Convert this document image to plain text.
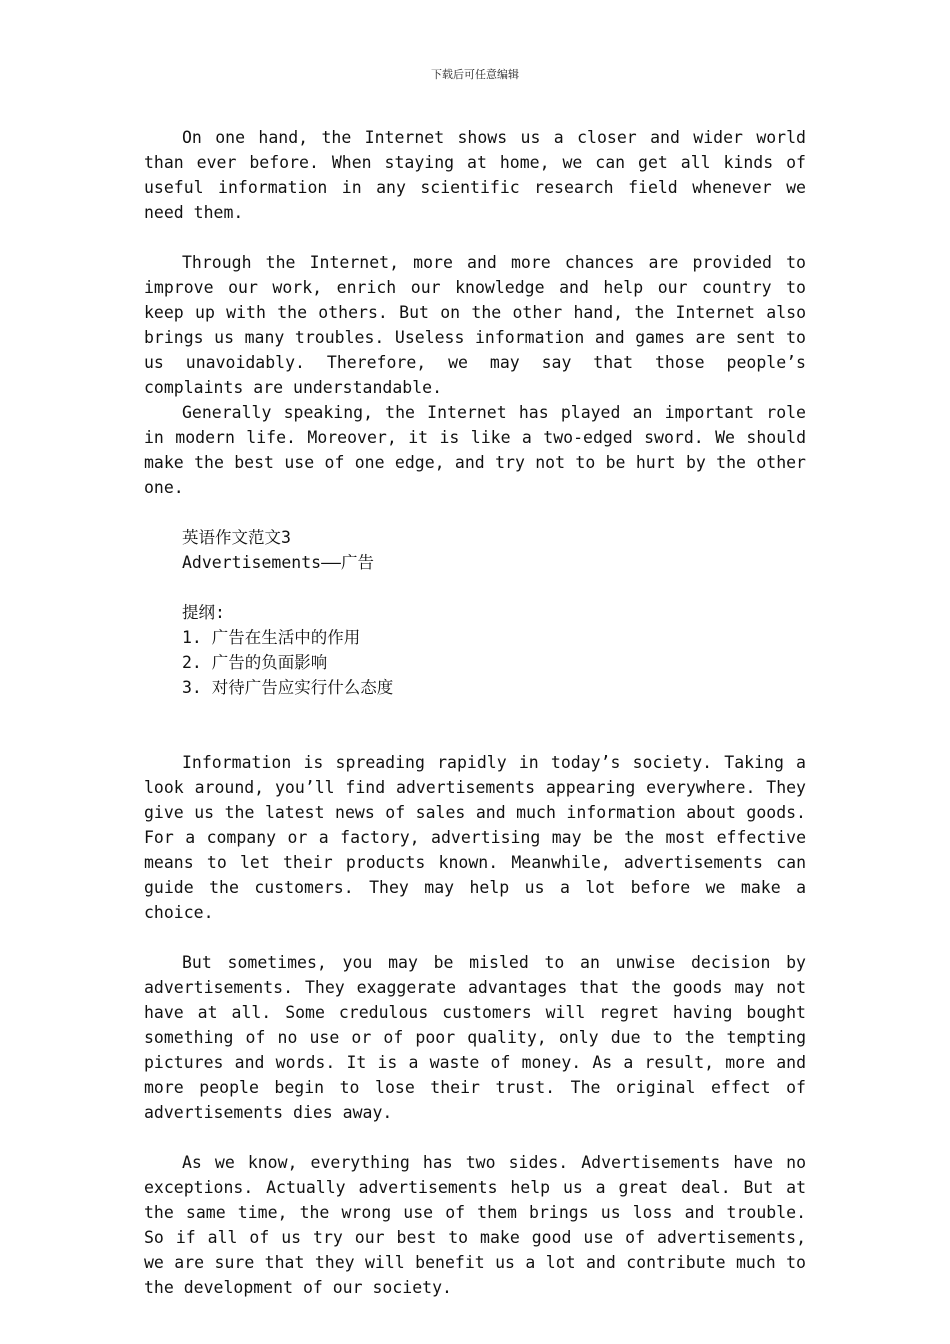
下载后可任意编辑

On one hand, the Internet shows us a closer and wider world than ever before. When staying at home, we can get all kinds of useful information in any scientific research field whenever we need them.

Through the Internet, more and more chances are provided to improve our work, enrich our knowledge and help our country to keep up with the others. But on the other hand, the Internet also brings us many troubles. Useless information and games are sent to us unavoidably. Therefore, we may say that those people’s complaints are understandable.

Generally speaking, the Internet has played an important role in modern life. Moreover, it is like a two-edged sword. We should make the best use of one edge, and try not to be hurt by the other one.

英语作文范文3
Advertisements——广告
提纲:
1. 广告在生活中的作用
2. 广告的负面影响
3. 对待广告应实行什么态度

Information is spreading rapidly in today’s society. Taking a look around, you’ll find advertisements appearing everywhere. They give us the latest news of sales and much information about goods. For a company or a factory, advertising may be the most effective means to let their products known. Meanwhile, advertisements can guide the customers. They may help us a lot before we make a choice.

But sometimes, you may be misled to an unwise decision by advertisements. They exaggerate advantages that the goods may not have at all. Some credulous customers will regret having bought something of no use or of poor quality, only due to the tempting pictures and words. It is a waste of money. As a result, more and more people begin to lose their trust. The original effect of advertisements dies away.

As we know, everything has two sides. Advertisements have no exceptions. Actually advertisements help us a great deal. But at the same time, the wrong use of them brings us loss and trouble. So if all of us try our best to make good use of advertisements, we are sure that they will benefit us a lot and contribute much to the development of our society.
